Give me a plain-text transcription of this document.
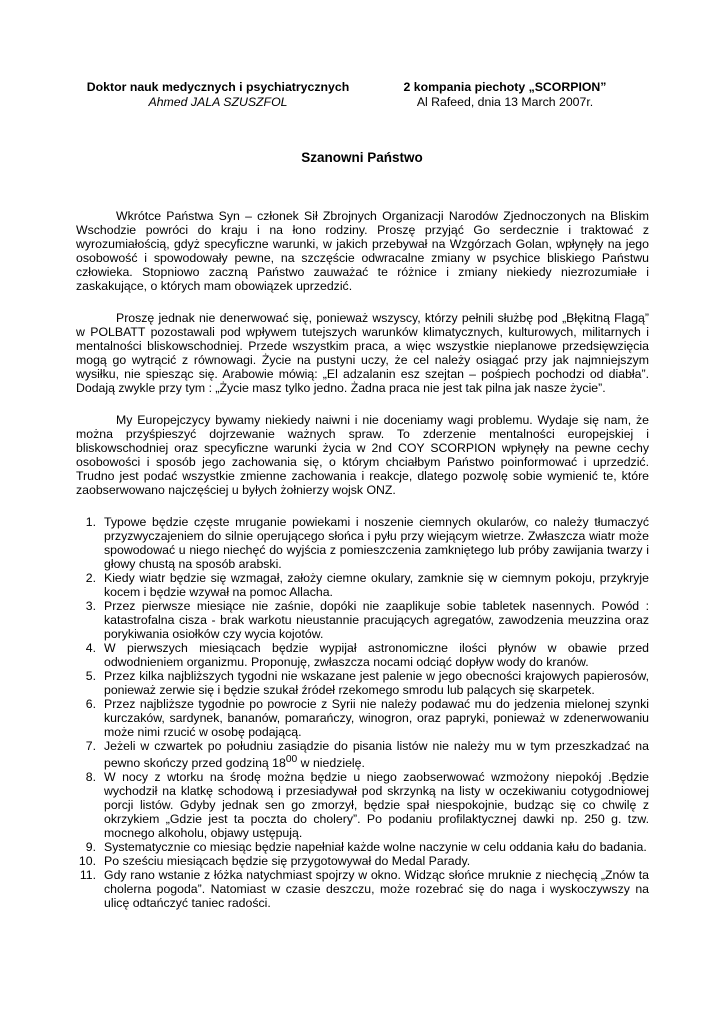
Doktor nauk medycznych i psychiatrycznych
Ahmed JALA SZUSZFOL
2 kompania piechoty „SCORPION”
Al Rafeed, dnia 13 March 2007r.
Szanowni Państwo

Wkrótce Państwa Syn – członek Sił Zbrojnych Organizacji Narodów Zjednoczonych na Bliskim Wschodzie powróci do kraju i na łono rodziny. Proszę przyjąć Go serdecznie i traktować z wyrozumiałością, gdyż specyficzne warunki, w jakich przebywał na Wzgórzach Golan, wpłynęły na jego osobowość i spowodowały pewne, na szczęście odwracalne zmiany w psychice bliskiego Państwu człowieka. Stopniowo zaczną Państwo zauważać te różnice i zmiany niekiedy niezrozumiałe i zaskakujące, o których mam obowiązek uprzedzić.

Proszę jednak nie denerwować się, ponieważ wszyscy, którzy pełnili służbę pod „Błękitną Flagą” w POLBATT pozostawali pod wpływem tutejszych warunków klimatycznych, kulturowych, militarnych i mentalności bliskowschodniej. Przede wszystkim praca, a więc wszystkie nieplanowe przedsięwzięcia mogą go wytrącić z równowagi. Życie na pustyni uczy, że cel należy osiągać przy jak najmniejszym wysiłku, nie spiesząc się. Arabowie mówią: „El adzalanin esz szejtan – pośpiech pochodzi od diabła”. Dodają zwykle przy tym : „Życie masz tylko jedno. Żadna praca nie jest tak pilna jak nasze życie”.

My Europejczycy bywamy niekiedy naiwni i nie doceniamy wagi problemu. Wydaje się nam, że można przyśpieszyć dojrzewanie ważnych spraw. To zderzenie mentalności europejskiej i bliskowschodniej oraz specyficzne warunki życia w 2nd COY SCORPION wpłynęły na pewne cechy osobowości i sposób jego zachowania się, o którym chciałbym Państwo poinformować i uprzedzić. Trudno jest podać wszystkie zmienne zachowania i reakcje, dlatego pozwolę sobie wymienić te, które zaobserwowano najczęściej u byłych żołnierzy wojsk ONZ.

1. Typowe będzie częste mruganie powiekami i noszenie ciemnych okularów, co należy tłumaczyć przyzwyczajeniem do silnie operującego słońca i pyłu przy wiejącym wietrze. Zwłaszcza wiatr może spowodować u niego niechęć do wyjścia z pomieszczenia zamkniętego lub próby zawijania twarzy i głowy chustą na sposób arabski.
2. Kiedy wiatr będzie się wzmagał, założy ciemne okulary, zamknie się w ciemnym pokoju, przykryje kocem i będzie wzywał na pomoc Allacha.
3. Przez pierwsze miesiące nie zaśnie, dopóki nie zaaplikuje sobie tabletek nasennych. Powód : katastrofalna cisza - brak warkotu nieustannie pracujących agregatów, zawodzenia meuzzina oraz porykiwania osiołków czy wycia kojotów.
4. W pierwszych miesiącach będzie wypijał astronomiczne ilości płynów w obawie przed odwodnieniem organizmu. Proponuję, zwłaszcza nocami odciąć dopływ wody do kranów.
5. Przez kilka najbliższych tygodni nie wskazane jest palenie w jego obecności krajowych papierosów, ponieważ zerwie się i będzie szukał źródeł rzekomego smrodu lub palących się skarpetek.
6. Przez najbliższe tygodnie po powrocie z Syrii nie należy podawać mu do jedzenia mielonej szynki kurczaków, sardynek, bananów, pomarańczy, winogron, oraz papryki, ponieważ w zdenerwowaniu może nimi rzucić w osobę podającą.
7. Jeżeli w czwartek po południu zasiądzie do pisania listów nie należy mu w tym przeszkadzać na pewno skończy przed godziną $18^{00}$ w niedzielę.
8. W nocy z wtorku na środę można będzie u niego zaobserwować wzmożony niepokój .Będzie wychodził na klatkę schodową i przesiadywał pod skrzynką na listy w oczekiwaniu cotygodniowej porcji listów. Gdyby jednak sen go zmorzył, będzie spał niespokojnie, budząc się co chwilę z okrzykiem „Gdzie jest ta poczta do cholery”. Po podaniu profilaktycznej dawki np. 250 g. tzw. mocnego alkoholu, objawy ustępują.
9. Systematycznie co miesiąc będzie napełniał każde wolne naczynie w celu oddania kału do badania.
10. Po sześciu miesiącach będzie się przygotowywał do Medal Parady.
11. Gdy rano wstanie z łóżka natychmiast spojrzy w okno. Widząc słońce mruknie z niechęcią „Znów ta cholerna pogoda”. Natomiast w czasie deszczu, może rozebrać się do naga i wyskoczywszy na ulicę odtańczyć taniec radości.
